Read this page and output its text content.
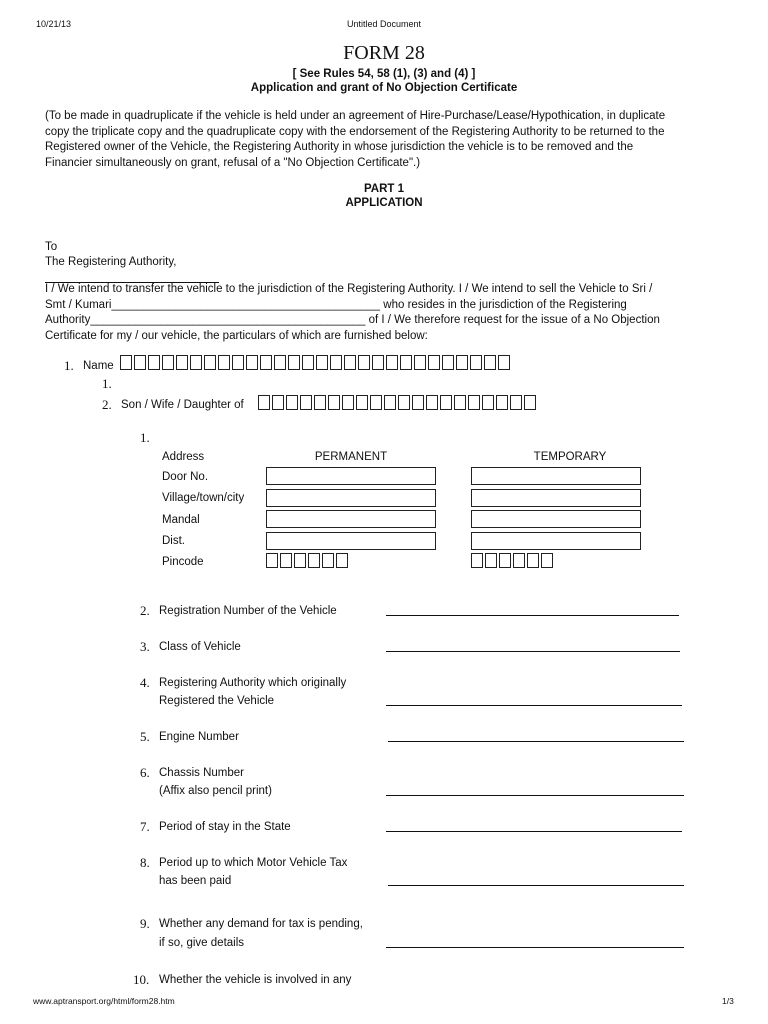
10/21/13	Untitled Document
FORM 28
[ See Rules 54, 58 (1), (3) and (4) ]
Application and grant of No Objection Certificate
(To be made in quadruplicate if the vehicle is held under an agreement of Hire-Purchase/Lease/Hypothication, in duplicate
copy the triplicate copy and the quadruplicate copy with the endorsement of the Registering Authority to be returned to the
Registered owner of the Vehicle, the Registering Authority in whose jurisdiction the vehicle is to be removed and the
Financier simultaneously on grant, refusal of a "No Objection Certificate".)
PART 1
APPLICATION
To
The Registering Authority,
I / We intend to transfer the vehicle to the jurisdiction of the Registering Authority. I / We intend to sell the Vehicle to Sri /
Smt / Kumari__________________________________________ who resides in the jurisdiction of the Registering
Authority___________________________________________ of I / We therefore request for the issue of a No Objection
Certificate for my / our vehicle, the particulars of which are furnished below:
1. Name
1.
2. Son / Wife / Daughter of
1.
Address	PERMANENT	TEMPORARY
Door No.
Village/town/city
Mandal
Dist.
Pincode
2. Registration Number of the Vehicle
3. Class of Vehicle
4. Registering Authority which originally
Registered the Vehicle
5. Engine Number
6. Chassis Number
(Affix also pencil print)
7. Period of stay in the State
8. Period up to which Motor Vehicle Tax
has been paid
9. Whether any demand for tax is pending,
if so, give details
10. Whether the vehicle is involved in any
www.aptransport.org/html/form28.htm	1/3
